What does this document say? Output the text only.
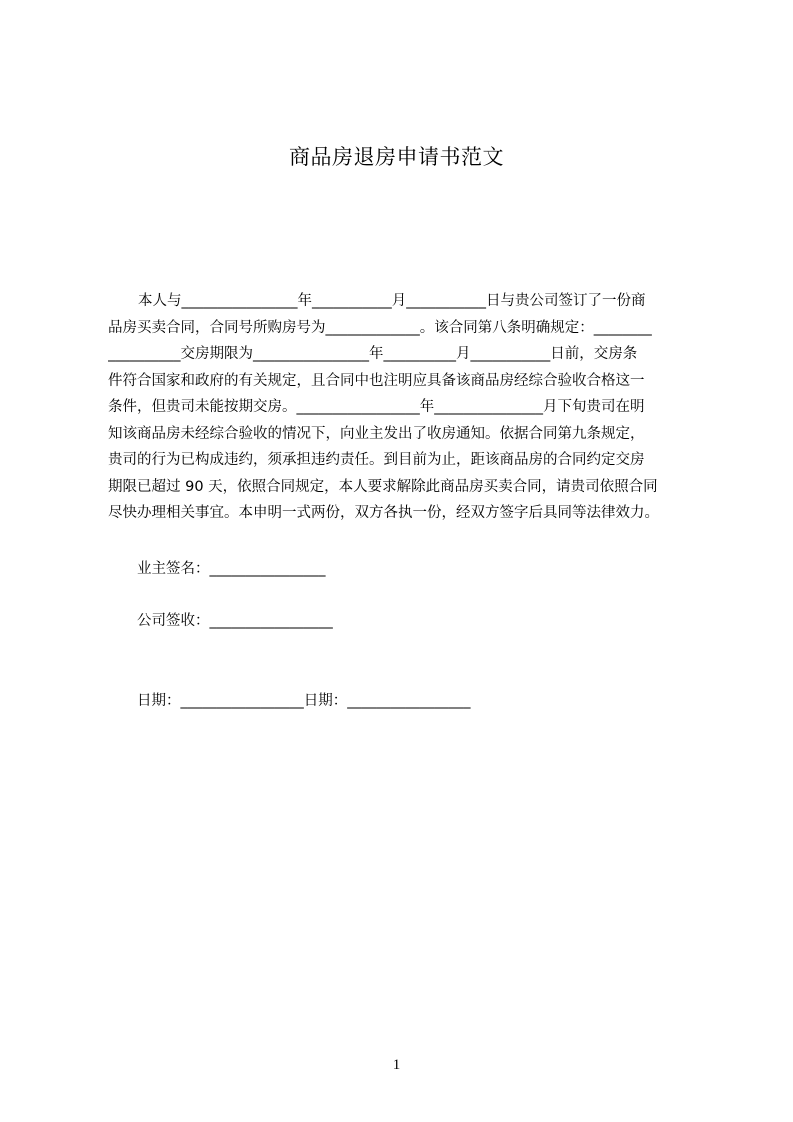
商品房退房申请书范文
本人与________________年___________月___________日与贵公司签订了一份商
品房买卖合同，合同号所购房号为_____________。该合同第八条明确规定：________
__________交房期限为________________年__________月___________日前，交房条
件符合国家和政府的有关规定，且合同中也注明应具备该商品房经综合验收合格这一
条件，但贵司未能按期交房。_________________年_______________月下旬贵司在明
知该商品房未经综合验收的情况下，向业主发出了收房通知。依据合同第九条规定，
贵司的行为已构成违约，须承担违约责任。到目前为止，距该商品房的合同约定交房
期限已超过 90 天，依照合同规定，本人要求解除此商品房买卖合同，请贵司依照合同
尽快办理相关事宜。本申明一式两份，双方各执一份，经双方签字后具同等法律效力。
业主签名：________________
公司签收：_________________
日期：_________________日期：_________________
1
